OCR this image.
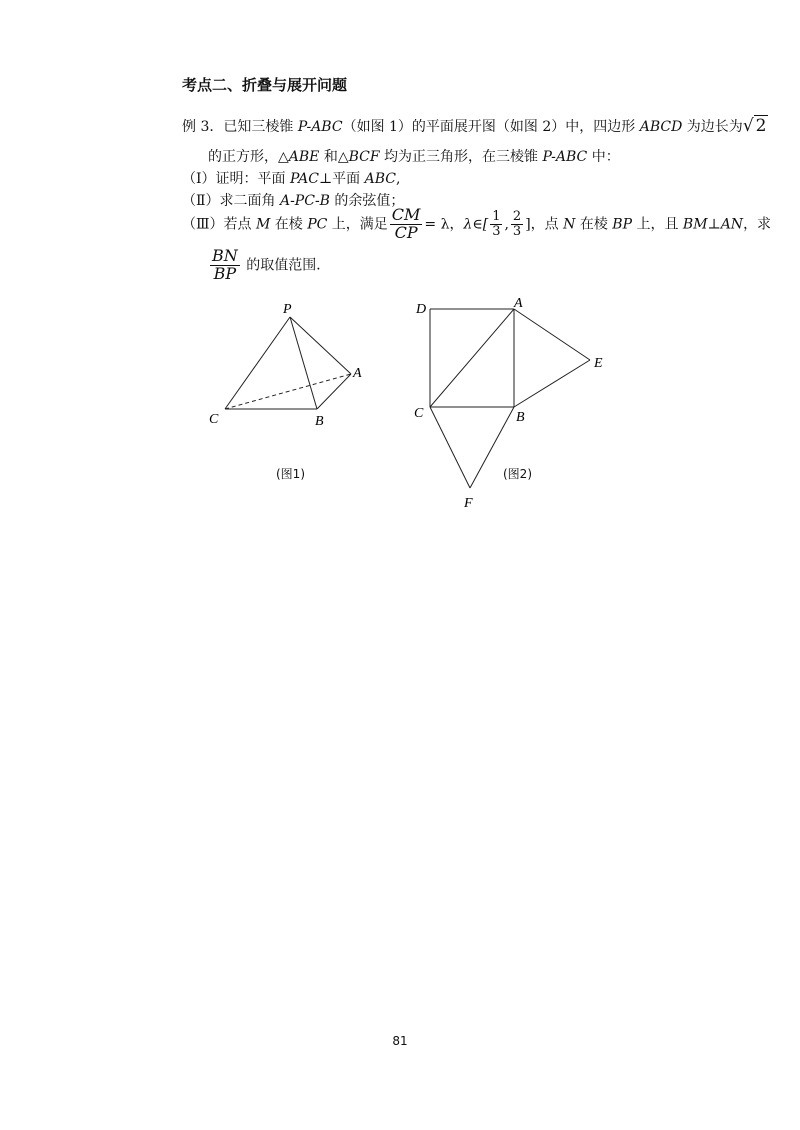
考点二、折叠与展开问题
例 3．已知三棱锥 P-ABC（如图 1）的平面展开图（如图 2）中，四边形 ABCD 为边长为√ 2
的正方形，△ABE 和△BCF 均为正三角形，在三棱锥 P-ABC 中：
（Ⅰ）证明：平面 PAC⊥平面 ABC,
（Ⅱ）求二面角 A-PC-B 的余弦值；
（Ⅲ）若点 M 在棱 PC 上，满足 $\frac{CM}{CP} = \lambda$，λ∈[ $\frac{1}{3}$ , $\frac{2}{3}$ ]，点 N 在棱 BP 上，且 BM⊥AN，求
$\frac{BN}{BP}$ 的取值范围．
P
A
C	B
(图1)
D	A
E
C	B
F
(图2)
81
